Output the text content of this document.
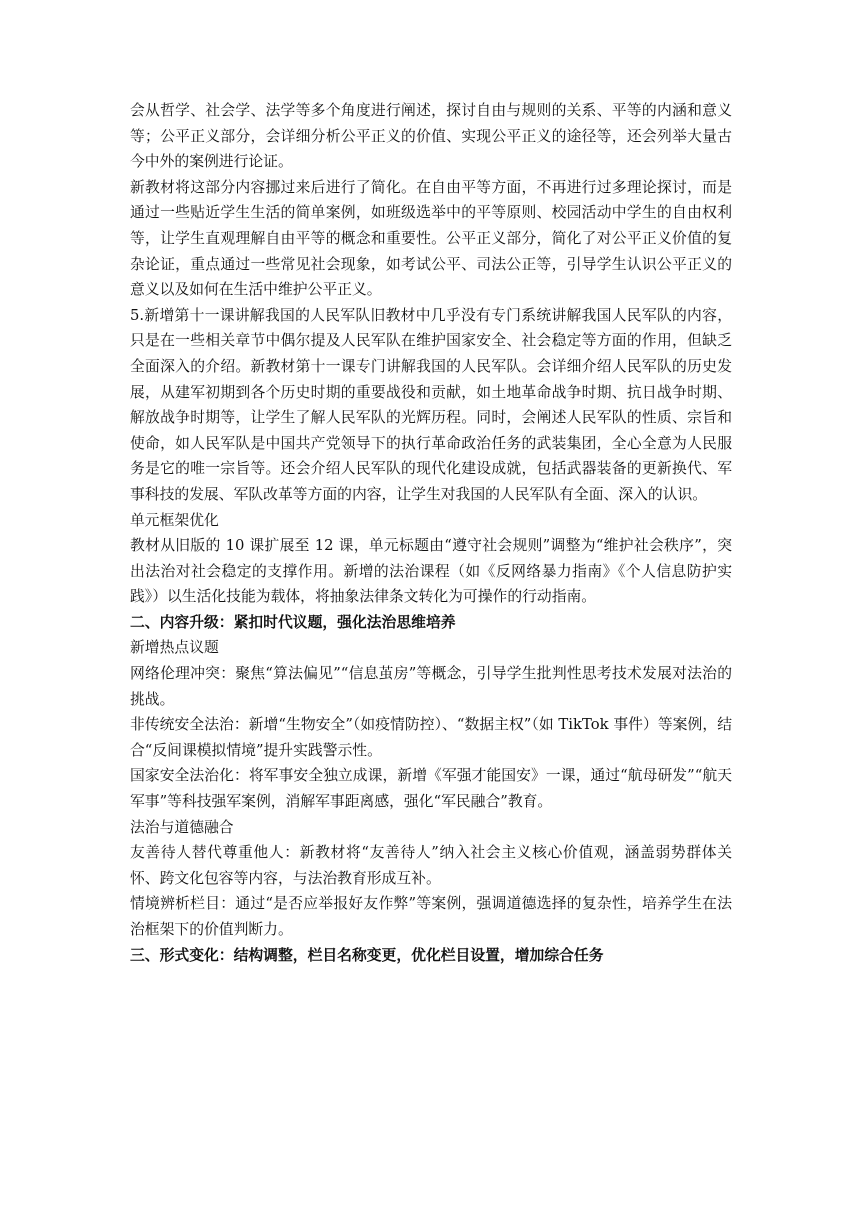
会从哲学、社会学、法学等多个角度进行阐述，探讨自由与规则的关系、平等的内涵和意义等；公平正义部分，会详细分析公平正义的价值、实现公平正义的途径等，还会列举大量古今中外的案例进行论证。

新教材将这部分内容挪过来后进行了简化。在自由平等方面，不再进行过多理论探讨，而是通过一些贴近学生生活的简单案例，如班级选举中的平等原则、校园活动中学生的自由权利等，让学生直观理解自由平等的概念和重要性。公平正义部分，简化了对公平正义价值的复杂论证，重点通过一些常见社会现象，如考试公平、司法公正等，引导学生认识公平正义的意义以及如何在生活中维护公平正义。

5.新增第十一课讲解我国的人民军队旧教材中几乎没有专门系统讲解我国人民军队的内容，只是在一些相关章节中偶尔提及人民军队在维护国家安全、社会稳定等方面的作用，但缺乏全面深入的介绍。新教材第十一课专门讲解我国的人民军队。会详细介绍人民军队的历史发展，从建军初期到各个历史时期的重要战役和贡献，如土地革命战争时期、抗日战争时期、解放战争时期等，让学生了解人民军队的光辉历程。同时，会阐述人民军队的性质、宗旨和使命，如人民军队是中国共产党领导下的执行革命政治任务的武装集团，全心全意为人民服务是它的唯一宗旨等。还会介绍人民军队的现代化建设成就，包括武器装备的更新换代、军事科技的发展、军队改革等方面的内容，让学生对我国的人民军队有全面、深入的认识。

单元框架优化

教材从旧版的 10 课扩展至 12 课，单元标题由“遵守社会规则”调整为“维护社会秩序”，突出法治对社会稳定的支撑作用。新增的法治课程（如《反网络暴力指南》《个人信息防护实践》）以生活化技能为载体，将抽象法律条文转化为可操作的行动指南。

二、内容升级：紧扣时代议题，强化法治思维培养

新增热点议题

网络伦理冲突：聚焦“算法偏见”“信息茧房”等概念，引导学生批判性思考技术发展对法治的挑战。

非传统安全法治：新增“生物安全”（如疫情防控）、“数据主权”（如 TikTok 事件）等案例，结合“反间课模拟情境”提升实践警示性。

国家安全法治化：将军事安全独立成课，新增《军强才能国安》一课，通过“航母研发”“航天军事”等科技强军案例，消解军事距离感，强化“军民融合”教育。

法治与道德融合

友善待人替代尊重他人：新教材将“友善待人”纳入社会主义核心价值观，涵盖弱势群体关怀、跨文化包容等内容，与法治教育形成互补。

情境辨析栏目：通过“是否应举报好友作弊”等案例，强调道德选择的复杂性，培养学生在法治框架下的价值判断力。

三、形式变化：结构调整，栏目名称变更，优化栏目设置，增加综合任务
